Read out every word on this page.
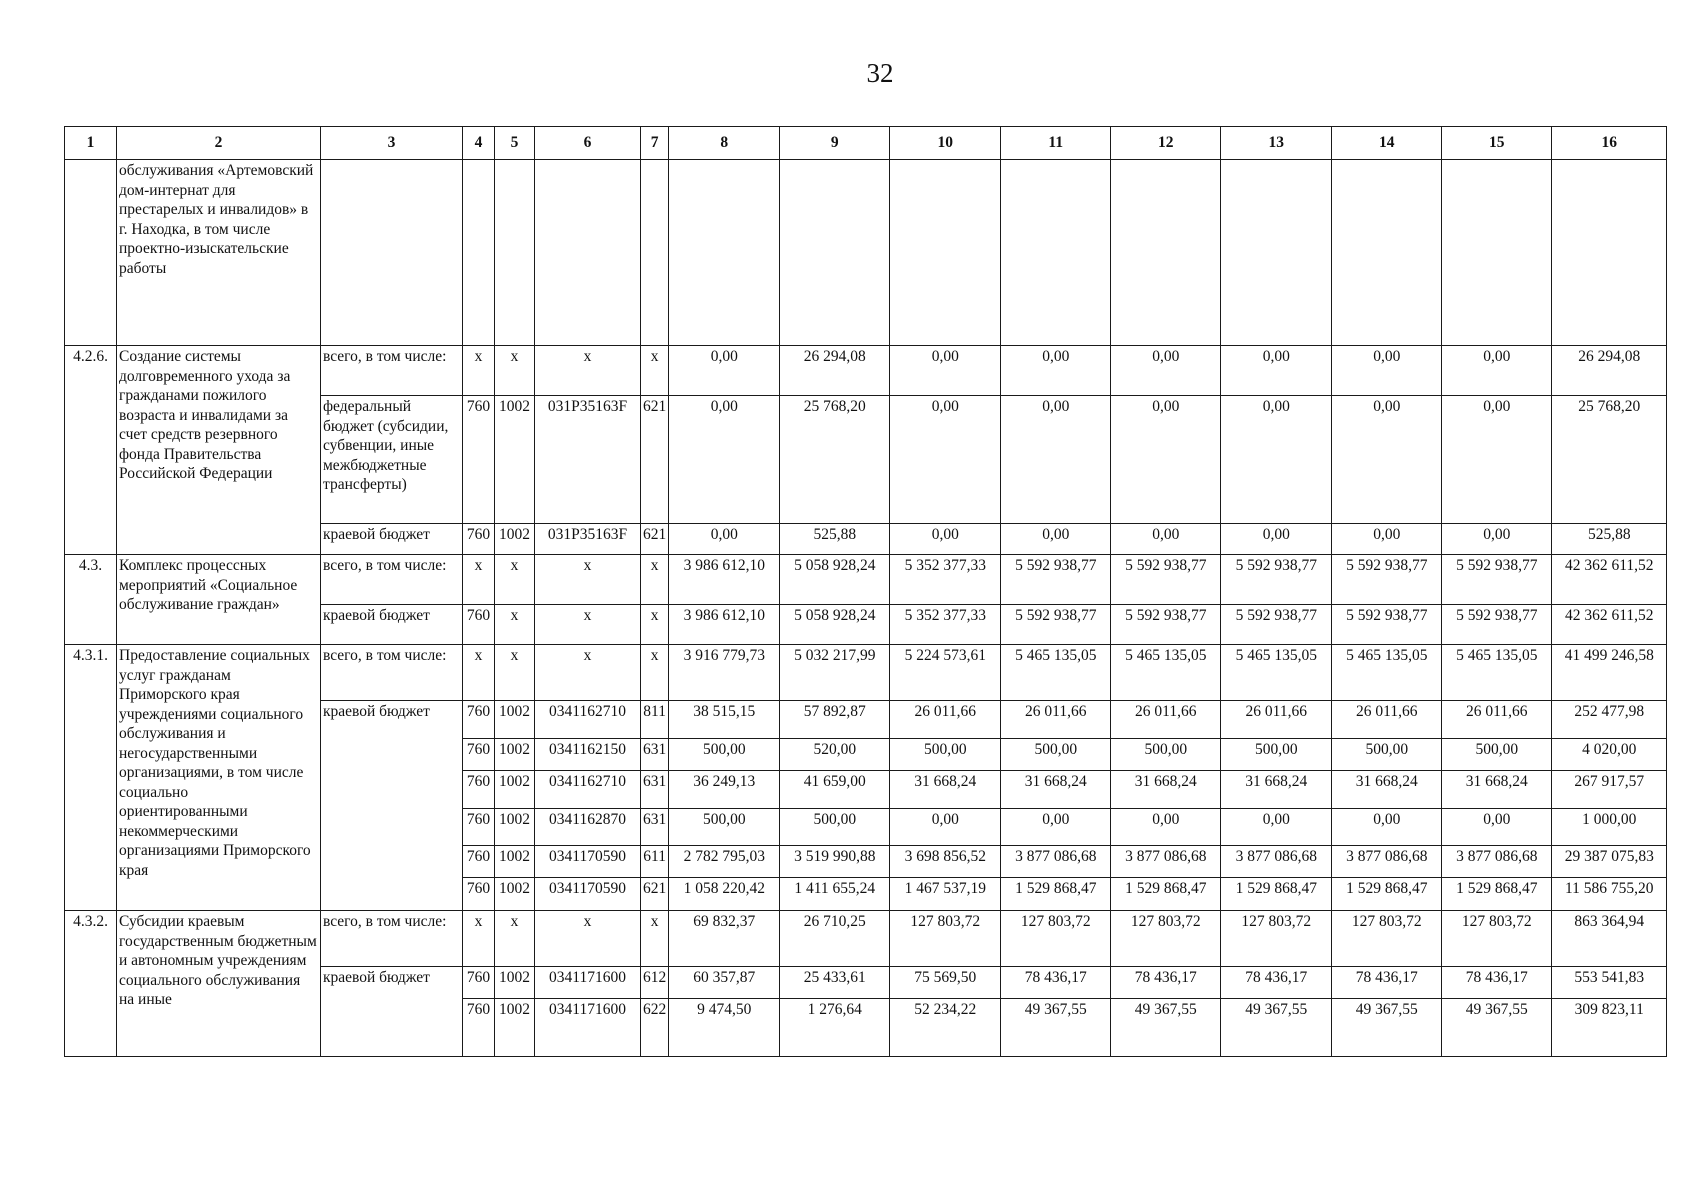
32
1	2	3	4	5	6	7	8	9	10	11	12	13	14	15	16
	обслуживания «Артемовский дом-интернат для престарелых и инвалидов» в г. Находка, в том числе проектно-изыскательские работы														
4.2.6.	Создание системы долговременного ухода за гражданами пожилого возраста и инвалидами за счет средств резервного фонда Правительства Российской Федерации	всего, в том числе:	x	x	x	x	0,00	26 294,08	0,00	0,00	0,00	0,00	0,00	0,00	26 294,08
		федеральный бюджет (субсидии, субвенции, иные межбюджетные трансферты)	760	1002	031P35163F	621	0,00	25 768,20	0,00	0,00	0,00	0,00	0,00	0,00	25 768,20
		краевой бюджет	760	1002	031P35163F	621	0,00	525,88	0,00	0,00	0,00	0,00	0,00	0,00	525,88
4.3.	Комплекс процессных мероприятий «Социальное обслуживание граждан»	всего, в том числе:	x	x	x	x	3 986 612,10	5 058 928,24	5 352 377,33	5 592 938,77	5 592 938,77	5 592 938,77	5 592 938,77	5 592 938,77	42 362 611,52
		краевой бюджет	760	x	x	x	3 986 612,10	5 058 928,24	5 352 377,33	5 592 938,77	5 592 938,77	5 592 938,77	5 592 938,77	5 592 938,77	42 362 611,52
4.3.1.	Предоставление социальных услуг гражданам Приморского края учреждениями социального обслуживания и негосударственными организациями, в том числе социально ориентированными некоммерческими организациями Приморского края	всего, в том числе:	x	x	x	x	3 916 779,73	5 032 217,99	5 224 573,61	5 465 135,05	5 465 135,05	5 465 135,05	5 465 135,05	5 465 135,05	41 499 246,58
		краевой бюджет	760	1002	0341162710	811	38 515,15	57 892,87	26 011,66	26 011,66	26 011,66	26 011,66	26 011,66	26 011,66	252 477,98
			760	1002	0341162150	631	500,00	520,00	500,00	500,00	500,00	500,00	500,00	500,00	4 020,00
			760	1002	0341162710	631	36 249,13	41 659,00	31 668,24	31 668,24	31 668,24	31 668,24	31 668,24	31 668,24	267 917,57
			760	1002	0341162870	631	500,00	500,00	0,00	0,00	0,00	0,00	0,00	0,00	1 000,00
			760	1002	0341170590	611	2 782 795,03	3 519 990,88	3 698 856,52	3 877 086,68	3 877 086,68	3 877 086,68	3 877 086,68	3 877 086,68	29 387 075,83
			760	1002	0341170590	621	1 058 220,42	1 411 655,24	1 467 537,19	1 529 868,47	1 529 868,47	1 529 868,47	1 529 868,47	1 529 868,47	11 586 755,20
4.3.2.	Субсидии краевым государственным бюджетным и автономным учреждениям социального обслуживания на иные	всего, в том числе:	x	x	x	x	69 832,37	26 710,25	127 803,72	127 803,72	127 803,72	127 803,72	127 803,72	127 803,72	863 364,94
		краевой бюджет	760	1002	0341171600	612	60 357,87	25 433,61	75 569,50	78 436,17	78 436,17	78 436,17	78 436,17	78 436,17	553 541,83
			760	1002	0341171600	622	9 474,50	1 276,64	52 234,22	49 367,55	49 367,55	49 367,55	49 367,55	49 367,55	309 823,11
